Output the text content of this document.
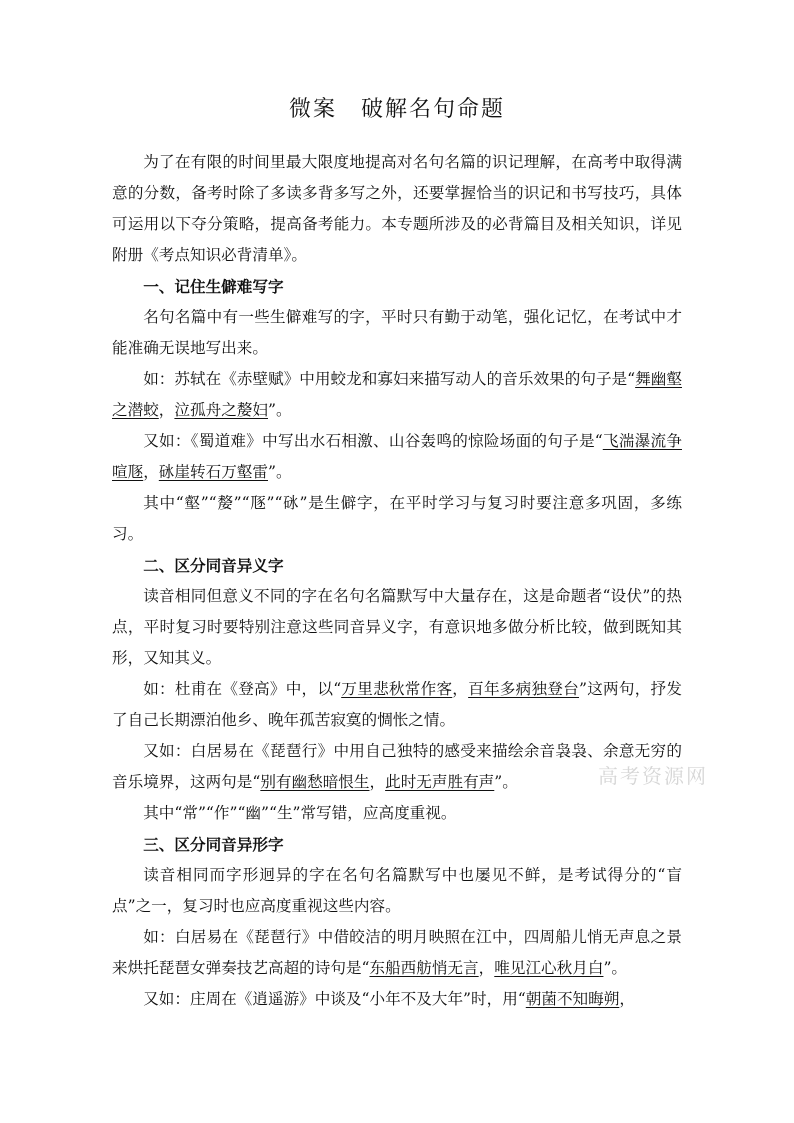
微案　破解名句命题

为了在有限的时间里最大限度地提高对名句名篇的识记理解，在高考中取得满意的分数，备考时除了多读多背多写之外，还要掌握恰当的识记和书写技巧，具体可运用以下夺分策略，提高备考能力。本专题所涉及的必背篇目及相关知识，详见附册《考点知识必背清单》。

一、记住生僻难写字

名句名篇中有一些生僻难写的字，平时只有勤于动笔，强化记忆，在考试中才能准确无误地写出来。

如：苏轼在《赤壁赋》中用蛟龙和寡妇来描写动人的音乐效果的句子是“舞幽壑之潜蛟，泣孤舟之嫠妇”。

又如：《蜀道难》中写出水石相激、山谷轰鸣的惊险场面的句子是“飞湍瀑流争喧豗，砯崖转石万壑雷”。

其中“壑”“嫠”“豗”“砯”是生僻字，在平时学习与复习时要注意多巩固，多练习。

二、区分同音异义字

读音相同但意义不同的字在名句名篇默写中大量存在，这是命题者“设伏”的热点，平时复习时要特别注意这些同音异义字，有意识地多做分析比较，做到既知其形，又知其义。

如：杜甫在《登高》中，以“万里悲秋常作客，百年多病独登台”这两句，抒发了自己长期漂泊他乡、晚年孤苦寂寞的惆怅之情。

又如：白居易在《琵琶行》中用自己独特的感受来描绘余音袅袅、余意无穷的音乐境界，这两句是“别有幽愁暗恨生，此时无声胜有声”。

其中“常”“作”“幽”“生”常写错，应高度重视。

三、区分同音异形字

读音相同而字形迥异的字在名句名篇默写中也屡见不鲜，是考试得分的“盲点”之一，复习时也应高度重视这些内容。

如：白居易在《琵琶行》中借皎洁的明月映照在江中，四周船儿悄无声息之景来烘托琵琶女弹奏技艺高超的诗句是“东船西舫悄无言，唯见江心秋月白”。

又如：庄周在《逍遥游》中谈及“小年不及大年”时，用“朝菌不知晦朔，

高考资源网
